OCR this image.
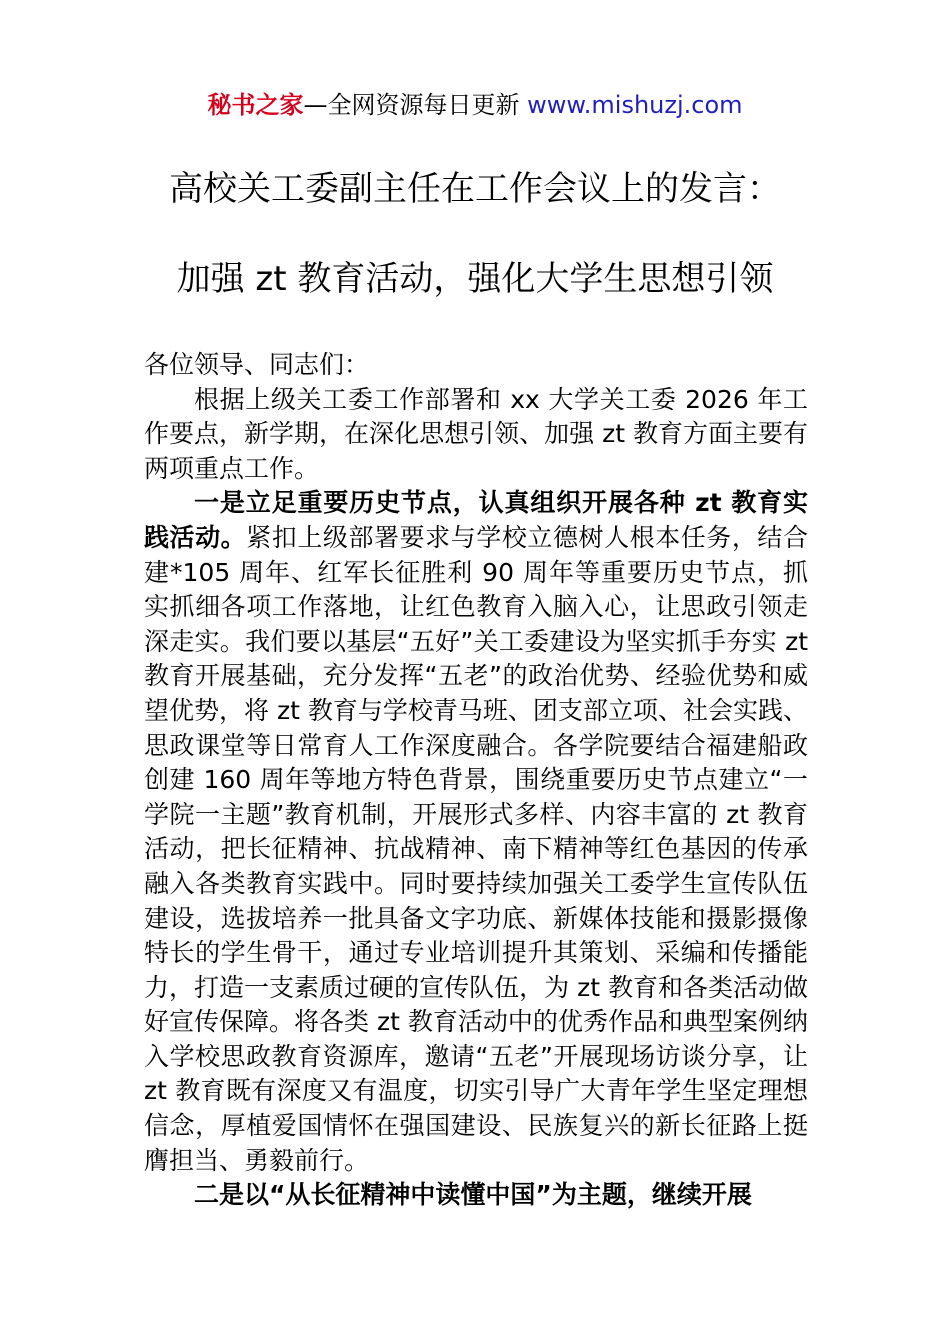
秘书之家—全网资源每日更新 www.mishuzj.com
高校关工委副主任在工作会议上的发言：
加强 zt 教育活动，强化大学生思想引领

各位领导、同志们：

根据上级关工委工作部署和 xx 大学关工委 2026 年工作要点，新学期，在深化思想引领、加强 zt 教育方面主要有两项重点工作。

一是立足重要历史节点，认真组织开展各种 zt 教育实践活动。紧扣上级部署要求与学校立德树人根本任务，结合建*105 周年、红军长征胜利 90 周年等重要历史节点，抓实抓细各项工作落地，让红色教育入脑入心，让思政引领走深走实。我们要以基层“五好”关工委建设为坚实抓手夯实 zt 教育开展基础，充分发挥“五老”的政治优势、经验优势和威望优势，将 zt 教育与学校青马班、团支部立项、社会实践、思政课堂等日常育人工作深度融合。各学院要结合福建船政创建 160 周年等地方特色背景，围绕重要历史节点建立“一学院一主题”教育机制，开展形式多样、内容丰富的 zt 教育活动，把长征精神、抗战精神、南下精神等红色基因的传承融入各类教育实践中。同时要持续加强关工委学生宣传队伍建设，选拔培养一批具备文字功底、新媒体技能和摄影摄像特长的学生骨干，通过专业培训提升其策划、采编和传播能力，打造一支素质过硬的宣传队伍，为 zt 教育和各类活动做好宣传保障。将各类 zt 教育活动中的优秀作品和典型案例纳入学校思政教育资源库，邀请“五老”开展现场访谈分享，让 zt 教育既有深度又有温度，切实引导广大青年学生坚定理想信念，厚植爱国情怀在强国建设、民族复兴的新长征路上挺膺担当、勇毅前行。

二是以“从长征精神中读懂中国”为主题，继续开展
